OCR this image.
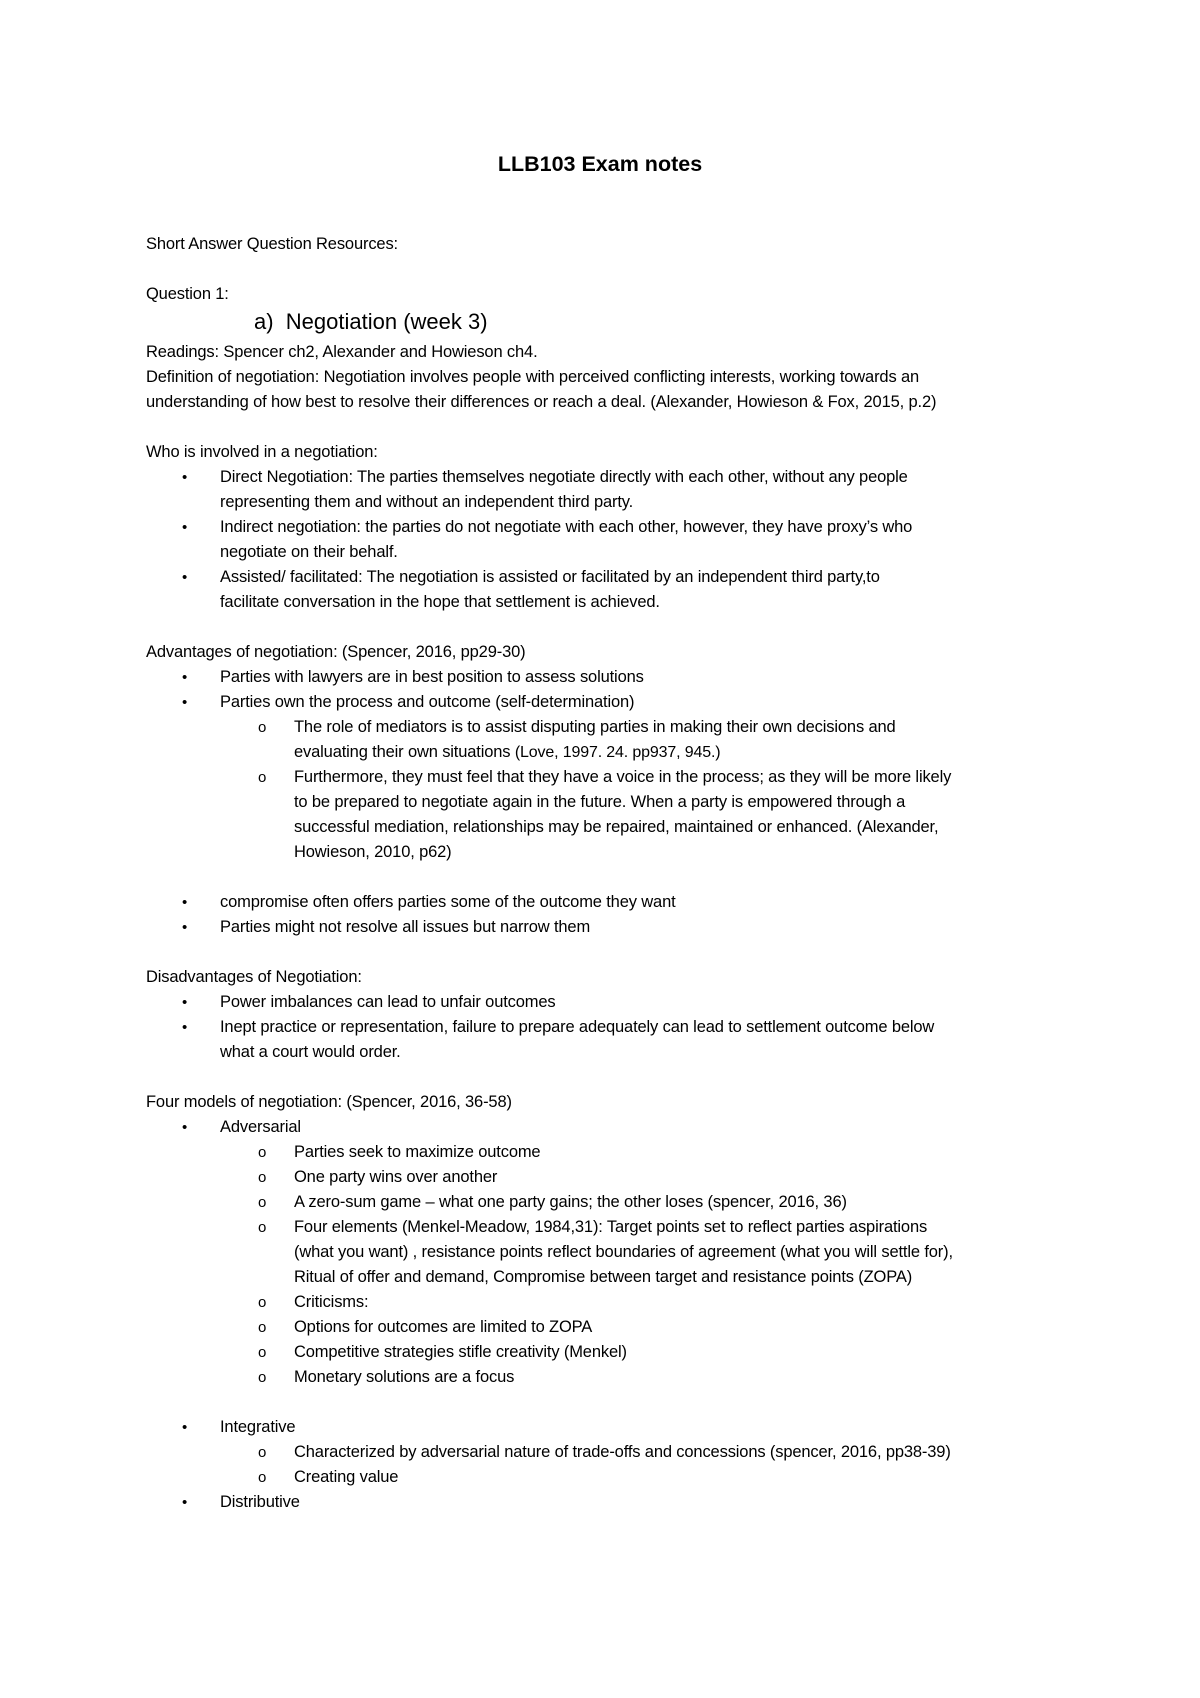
LLB103 Exam notes
Short Answer Question Resources:
Question 1:
a) Negotiation (week 3)
Readings: Spencer ch2, Alexander and Howieson ch4.
Definition of negotiation: Negotiation involves people with perceived conflicting interests, working towards an
understanding of how best to resolve their differences or reach a deal. (Alexander, Howieson & Fox, 2015, p.2)
Who is involved in a negotiation:
• Direct Negotiation: The parties themselves negotiate directly with each other, without any people
representing them and without an independent third party.
• Indirect negotiation: the parties do not negotiate with each other, however, they have proxy’s who
negotiate on their behalf.
• Assisted/ facilitated: The negotiation is assisted or facilitated by an independent third party,to
facilitate conversation in the hope that settlement is achieved.
Advantages of negotiation: (Spencer, 2016, pp29-30)
• Parties with lawyers are in best position to assess solutions
• Parties own the process and outcome (self-determination)
o The role of mediators is to assist disputing parties in making their own decisions and
evaluating their own situations (Love, 1997. 24. pp937, 945.)
o Furthermore, they must feel that they have a voice in the process; as they will be more likely
to be prepared to negotiate again in the future. When a party is empowered through a
successful mediation, relationships may be repaired, maintained or enhanced. (Alexander,
Howieson, 2010, p62)
• compromise often offers parties some of the outcome they want
• Parties might not resolve all issues but narrow them
Disadvantages of Negotiation:
• Power imbalances can lead to unfair outcomes
• Inept practice or representation, failure to prepare adequately can lead to settlement outcome below
what a court would order.
Four models of negotiation: (Spencer, 2016, 36-58)
• Adversarial
o Parties seek to maximize outcome
o One party wins over another
o A zero-sum game – what one party gains; the other loses (spencer, 2016, 36)
o Four elements (Menkel-Meadow, 1984,31): Target points set to reflect parties aspirations
(what you want) , resistance points reflect boundaries of agreement (what you will settle for),
Ritual of offer and demand, Compromise between target and resistance points (ZOPA)
o Criticisms:
o Options for outcomes are limited to ZOPA
o Competitive strategies stifle creativity (Menkel)
o Monetary solutions are a focus
• Integrative
o Characterized by adversarial nature of trade-offs and concessions (spencer, 2016, pp38-39)
o Creating value
• Distributive
